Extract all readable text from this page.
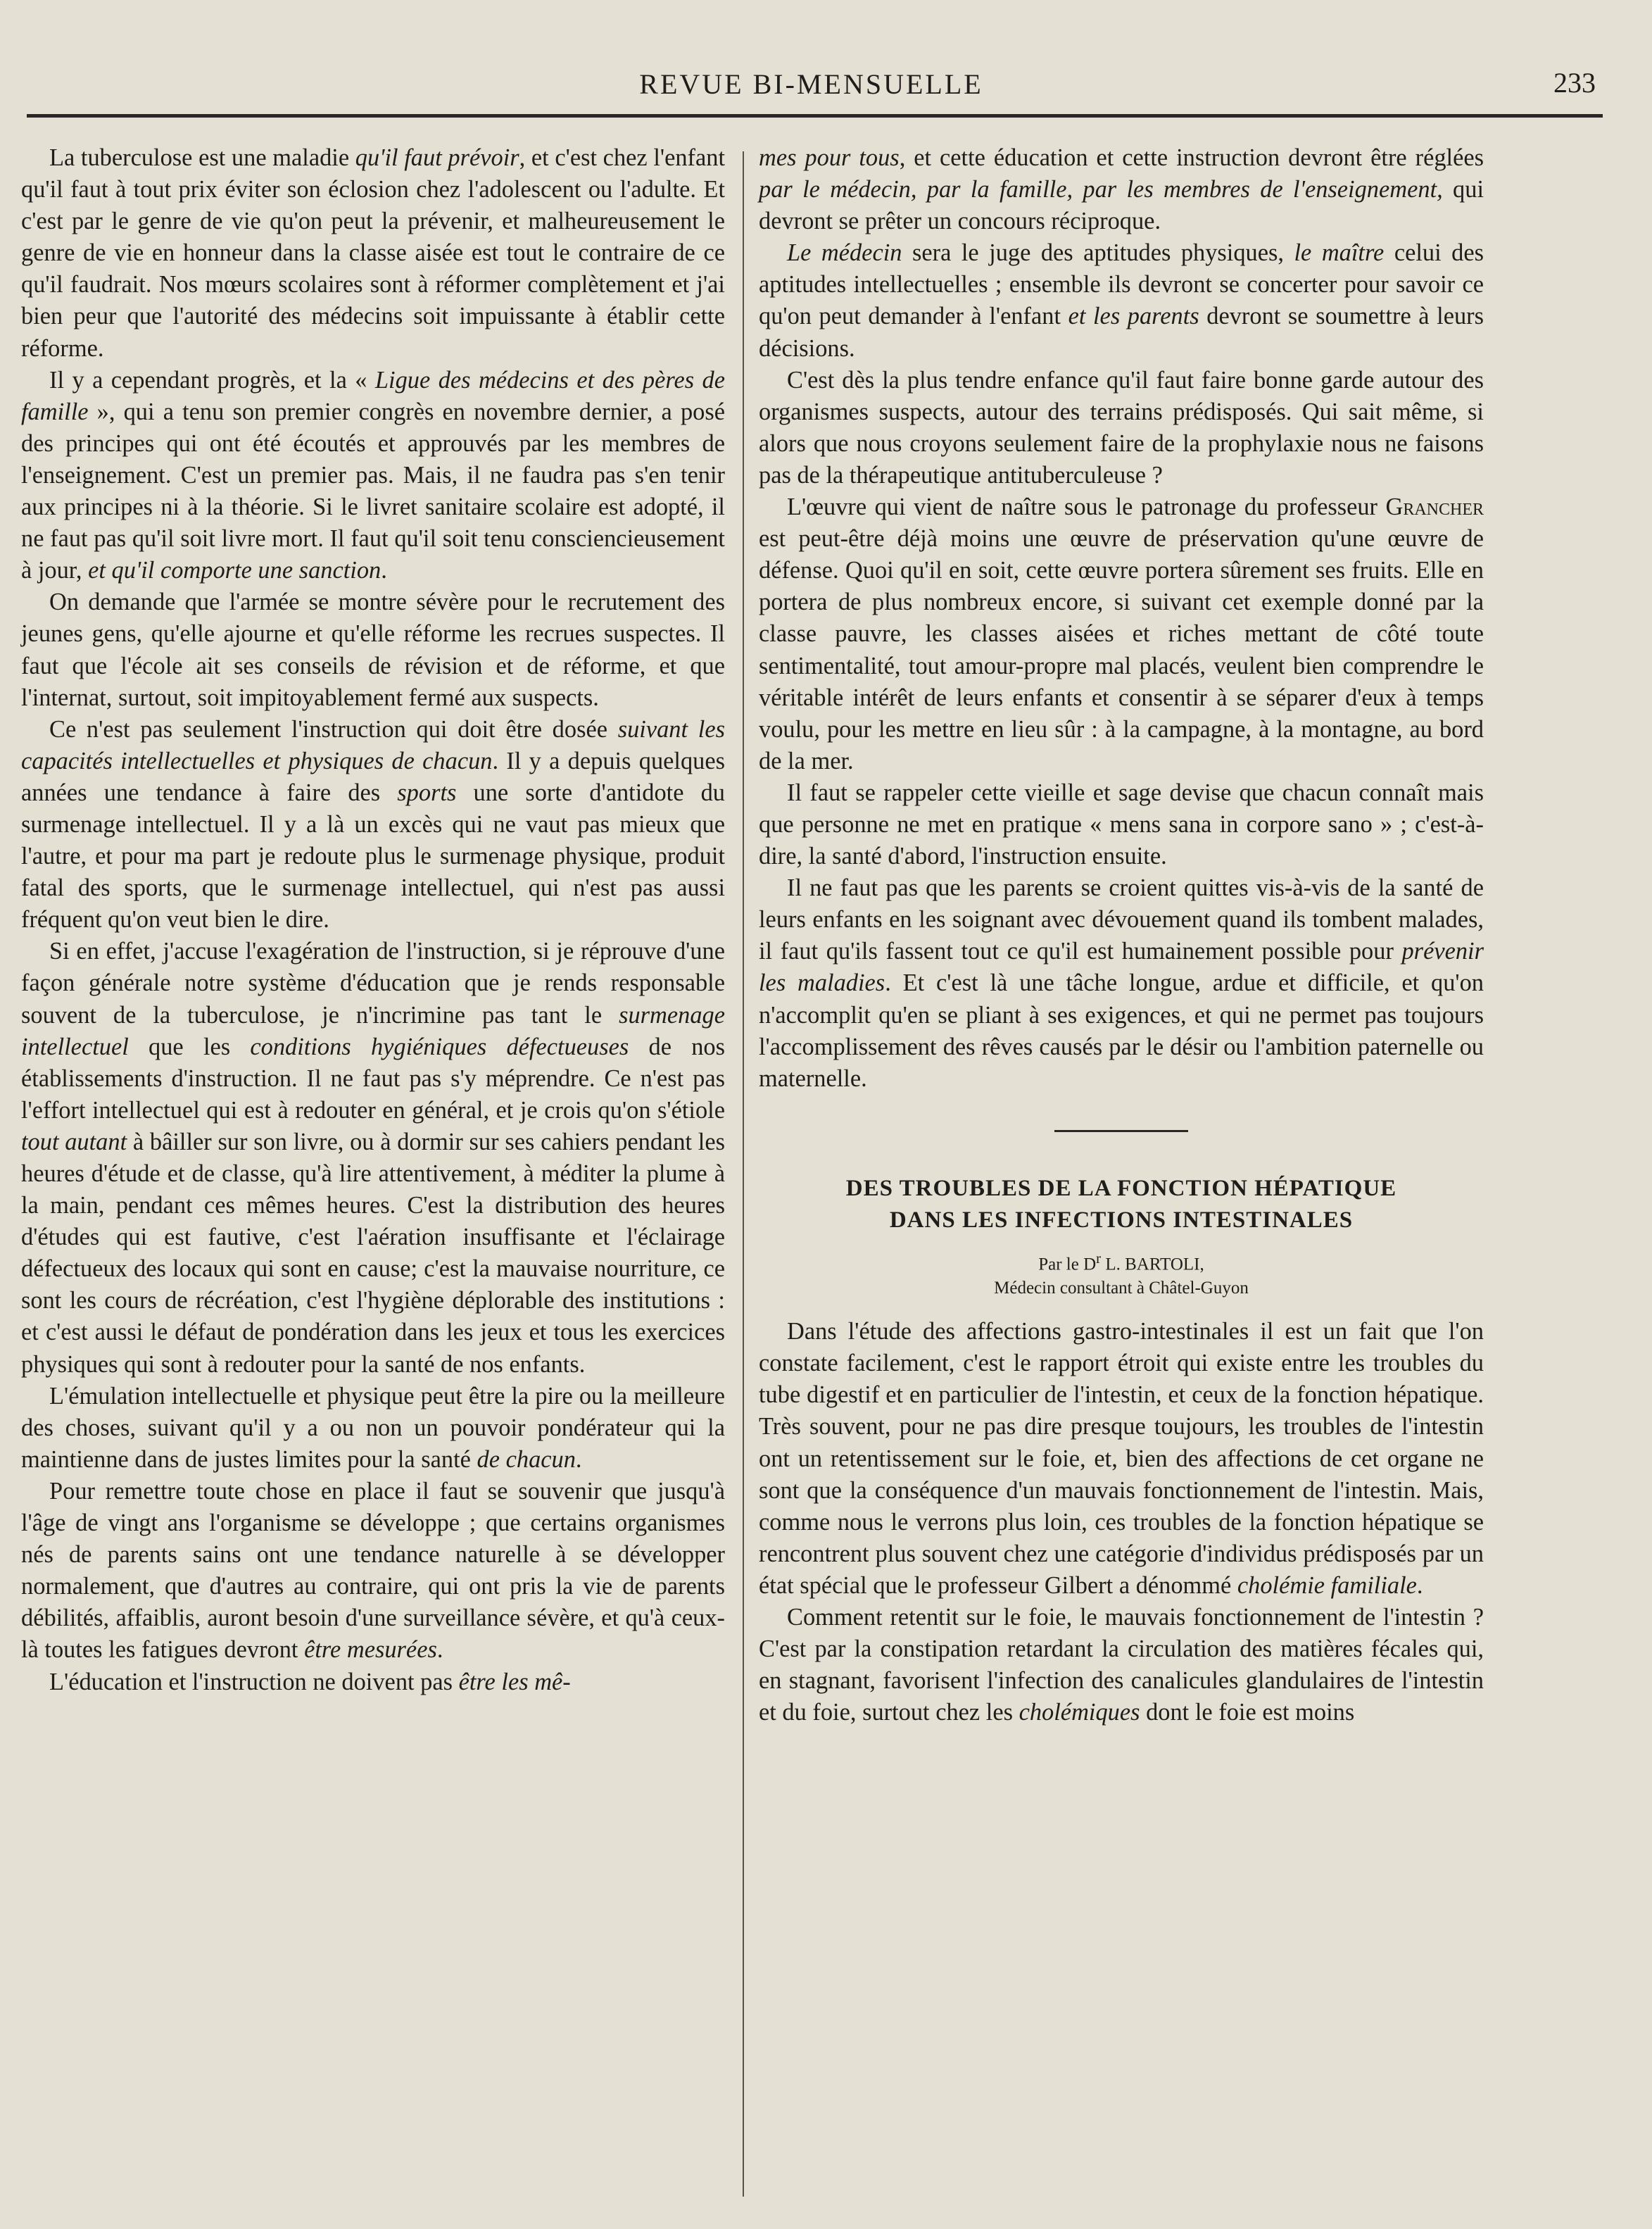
REVUE BI-MENSUELLE	233

La tuberculose est une maladie qu'il faut prévoir, et c'est chez l'enfant qu'il faut à tout prix éviter son éclosion chez l'adolescent ou l'adulte. Et c'est par le genre de vie qu'on peut la prévenir, et malheureusement le genre de vie en honneur dans la classe aisée est tout le contraire de ce qu'il faudrait. Nos mœurs scolaires sont à réformer complètement et j'ai bien peur que l'autorité des médecins soit impuissante à établir cette réforme.

Il y a cependant progrès, et la « Ligue des médecins et des pères de famille », qui a tenu son premier congrès en novembre dernier, a posé des principes qui ont été écoutés et approuvés par les membres de l'enseignement. C'est un premier pas. Mais, il ne faudra pas s'en tenir aux principes ni à la théorie. Si le livret sanitaire scolaire est adopté, il ne faut pas qu'il soit livre mort. Il faut qu'il soit tenu consciencieusement à jour, et qu'il comporte une sanction.

On demande que l'armée se montre sévère pour le recrutement des jeunes gens, qu'elle ajourne et qu'elle réforme les recrues suspectes. Il faut que l'école ait ses conseils de révision et de réforme, et que l'internat, surtout, soit impitoyablement fermé aux suspects.

Ce n'est pas seulement l'instruction qui doit être dosée suivant les capacités intellectuelles et physiques de chacun. Il y a depuis quelques années une tendance à faire des sports une sorte d'antidote du surmenage intellectuel. Il y a là un excès qui ne vaut pas mieux que l'autre, et pour ma part je redoute plus le surmenage physique, produit fatal des sports, que le surmenage intellectuel, qui n'est pas aussi fréquent qu'on veut bien le dire.

Si en effet, j'accuse l'exagération de l'instruction, si je réprouve d'une façon générale notre système d'éducation que je rends responsable souvent de la tuberculose, je n'incrimine pas tant le surmenage intellectuel que les conditions hygiéniques défectueuses de nos établissements d'instruction. Il ne faut pas s'y méprendre. Ce n'est pas l'effort intellectuel qui est à redouter en général, et je crois qu'on s'étiole tout autant à bâiller sur son livre, ou à dormir sur ses cahiers pendant les heures d'étude et de classe, qu'à lire attentivement, à méditer la plume à la main, pendant ces mêmes heures. C'est la distribution des heures d'études qui est fautive, c'est l'aération insuffisante et l'éclairage défectueux des locaux qui sont en cause; c'est la mauvaise nourriture, ce sont les cours de récréation, c'est l'hygiène déplorable des institutions : et c'est aussi le défaut de pondération dans les jeux et tous les exercices physiques qui sont à redouter pour la santé de nos enfants.

L'émulation intellectuelle et physique peut être la pire ou la meilleure des choses, suivant qu'il y a ou non un pouvoir pondérateur qui la maintienne dans de justes limites pour la santé de chacun.

Pour remettre toute chose en place il faut se souvenir que jusqu'à l'âge de vingt ans l'organisme se développe ; que certains organismes nés de parents sains ont une tendance naturelle à se développer normalement, que d'autres au contraire, qui ont pris la vie de parents débilités, affaiblis, auront besoin d'une surveillance sévère, et qu'à ceux-là toutes les fatigues devront être mesurées.

L'éducation et l'instruction ne doivent pas être les mê-

mes pour tous, et cette éducation et cette instruction devront être réglées par le médecin, par la famille, par les membres de l'enseignement, qui devront se prêter un concours réciproque.

Le médecin sera le juge des aptitudes physiques, le maître celui des aptitudes intellectuelles ; ensemble ils devront se concerter pour savoir ce qu'on peut demander à l'enfant et les parents devront se soumettre à leurs décisions.

C'est dès la plus tendre enfance qu'il faut faire bonne garde autour des organismes suspects, autour des terrains prédisposés. Qui sait même, si alors que nous croyons seulement faire de la prophylaxie nous ne faisons pas de la thérapeutique antituberculeuse ?

L'œuvre qui vient de naître sous le patronage du professeur Grancher est peut-être déjà moins une œuvre de préservation qu'une œuvre de défense. Quoi qu'il en soit, cette œuvre portera sûrement ses fruits. Elle en portera de plus nombreux encore, si suivant cet exemple donné par la classe pauvre, les classes aisées et riches mettant de côté toute sentimentalité, tout amour-propre mal placés, veulent bien comprendre le véritable intérêt de leurs enfants et consentir à se séparer d'eux à temps voulu, pour les mettre en lieu sûr : à la campagne, à la montagne, au bord de la mer.

Il faut se rappeler cette vieille et sage devise que chacun connaît mais que personne ne met en pratique « mens sana in corpore sano » ; c'est-à-dire, la santé d'abord, l'instruction ensuite.

Il ne faut pas que les parents se croient quittes vis-à-vis de la santé de leurs enfants en les soignant avec dévouement quand ils tombent malades, il faut qu'ils fassent tout ce qu'il est humainement possible pour prévenir les maladies. Et c'est là une tâche longue, ardue et difficile, et qu'on n'accomplit qu'en se pliant à ses exigences, et qui ne permet pas toujours l'accomplissement des rêves causés par le désir ou l'ambition paternelle ou maternelle.

DES TROUBLES DE LA FONCTION HÉPATIQUE
DANS LES INFECTIONS INTESTINALES
Par le $D^r$ L. BARTOLI,
Médecin consultant à Châtel-Guyon

Dans l'étude des affections gastro-intestinales il est un fait que l'on constate facilement, c'est le rapport étroit qui existe entre les troubles du tube digestif et en particulier de l'intestin, et ceux de la fonction hépatique. Très souvent, pour ne pas dire presque toujours, les troubles de l'intestin ont un retentissement sur le foie, et, bien des affections de cet organe ne sont que la conséquence d'un mauvais fonctionnement de l'intestin. Mais, comme nous le verrons plus loin, ces troubles de la fonction hépatique se rencontrent plus souvent chez une catégorie d'individus prédisposés par un état spécial que le professeur Gilbert a dénommé cholémie familiale.

Comment retentit sur le foie, le mauvais fonctionnement de l'intestin ? C'est par la constipation retardant la circulation des matières fécales qui, en stagnant, favorisent l'infection des canalicules glandulaires de l'intestin et du foie, surtout chez les cholémiques dont le foie est moins
